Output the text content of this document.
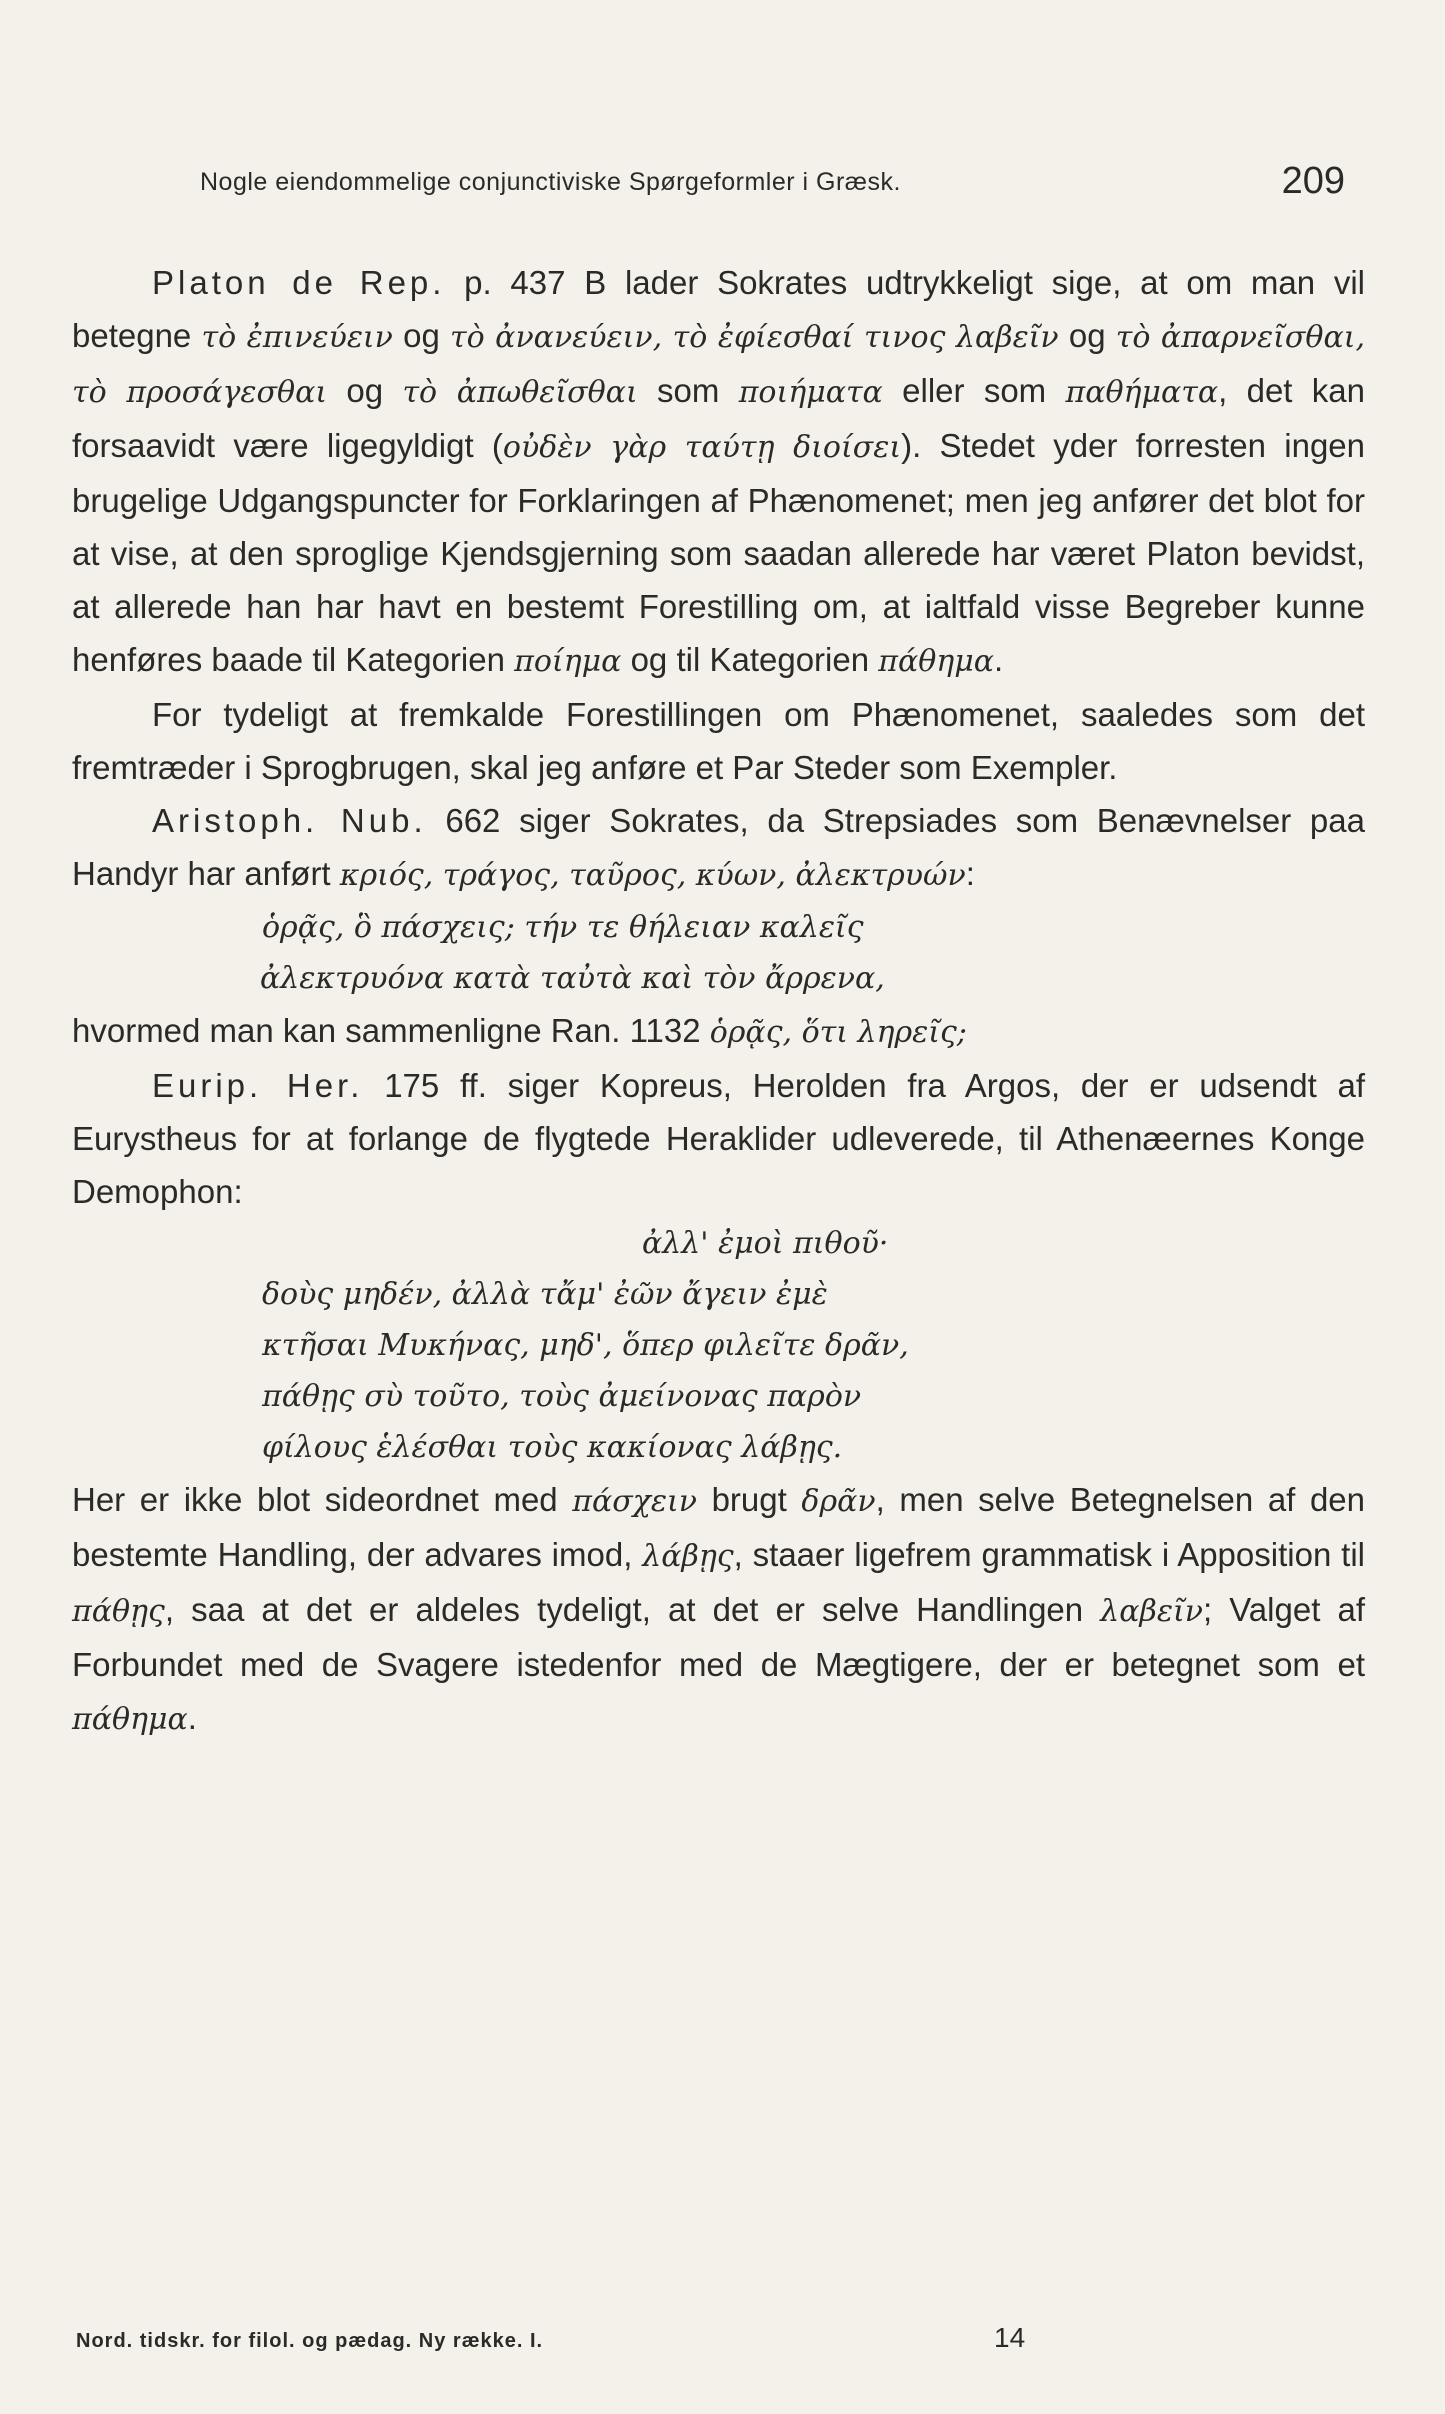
Nogle eiendommelige conjunctiviske Spørgeformler i Græsk.	209

Platon de Rep. p. 437 B lader Sokrates udtrykkeligt sige, at om man vil betegne τὸ ἐπινεύειν og τὸ ἀνανεύειν, τὸ ἐφίεσθαί τινος λαβεῖν og τὸ ἀπαρνεῖσθαι, τὸ προσάγεσθαι og τὸ ἀπωθεῖσθαι som ποιήματα eller som παθήματα, det kan forsaavidt være ligegyldigt (οὐδὲν γὰρ ταύτῃ διοίσει). Stedet yder forresten ingen brugelige Udgangspuncter for Forklaringen af Phænomenet; men jeg anfører det blot for at vise, at den sproglige Kjendsgjerning som saadan allerede har været Platon bevidst, at allerede han har havt en bestemt Forestilling om, at ialtfald visse Begreber kunne henføres baade til Kategorien ποίημα og til Kategorien πάθημα.

For tydeligt at fremkalde Forestillingen om Phænomenet, saaledes som det fremtræder i Sprogbrugen, skal jeg anføre et Par Steder som Exempler.

Aristoph. Nub. 662 siger Sokrates, da Strepsiades som Benævnelser paa Handyr har anført κριός, τράγος, ταῦρος, κύων, ἀλεκτρυών:

ὁρᾷς, ὃ πάσχεις; τήν τε θήλειαν καλεῖς
ἀλεκτρυόνα κατὰ ταὐτὰ καὶ τὸν ἄρρενα,

hvormed man kan sammenligne Ran. 1132 ὁρᾷς, ὅτι ληρεῖς;

Eurip. Her. 175 ff. siger Kopreus, Herolden fra Argos, der er udsendt af Eurystheus for at forlange de flygtede Heraklider udleverede, til Athenæernes Konge Demophon:

ἀλλ' ἐμοὶ πιθοῦ·
δοὺς μηδέν, ἀλλὰ τἄμ' ἐῶν ἄγειν ἐμὲ
κτῆσαι Μυκήνας, μηδ', ὅπερ φιλεῖτε δρᾶν,
πάθῃς σὺ τοῦτο, τοὺς ἀμείνονας παρὸν
φίλους ἑλέσθαι τοὺς κακίονας λάβῃς.

Her er ikke blot sideordnet med πάσχειν brugt δρᾶν, men selve Betegnelsen af den bestemte Handling, der advares imod, λάβῃς, staaer ligefrem grammatisk i Apposition til πάθῃς, saa at det er aldeles tydeligt, at det er selve Handlingen λαβεῖν; Valget af Forbundet med de Svagere istedenfor med de Mægtigere, der er betegnet som et πάθημα.

Nord. tidskr. for filol. og pædag. Ny række. I.	14
